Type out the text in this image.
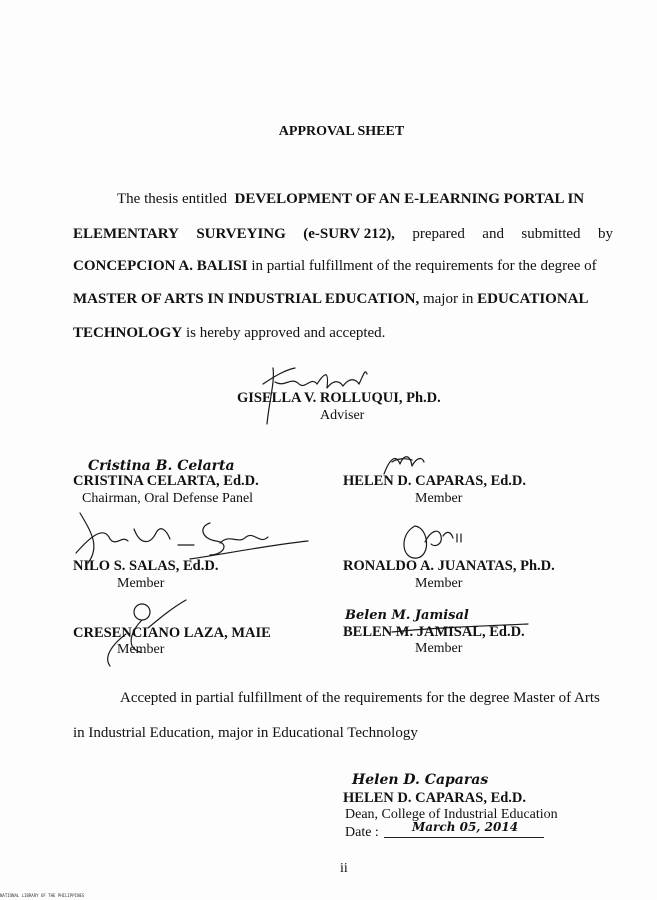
APPROVAL SHEET
The thesis entitled DEVELOPMENT OF AN E-LEARNING PORTAL IN
ELEMENTARY SURVEYING (e-SURV 212), prepared and submitted by
CONCEPCION A. BALISI in partial fulfillment of the requirements for the degree of
MASTER OF ARTS IN INDUSTRIAL EDUCATION, major in EDUCATIONAL
TECHNOLOGY is hereby approved and accepted.
GISELLA V. ROLLUQUI, Ph.D.
Adviser
Cristina B. Celarta
CRISTINA CELARTA, Ed.D.
Chairman, Oral Defense Panel
HELEN D. CAPARAS, Ed.D.
Member
NILO S. SALAS, Ed.D.
Member
RONALDO A. JUANATAS, Ph.D.
Member
CRESENCIANO LAZA, MAIE
Member
Belen M. Jamisal
BELEN M. JAMISAL, Ed.D.
Member
Accepted in partial fulfillment of the requirements for the degree Master of Arts
in Industrial Education, major in Educational Technology
Helen D. Caparas
HELEN D. CAPARAS, Ed.D.
Dean, College of Industrial Education
Date :	March 05, 2014
ii
NATIONAL LIBRARY OF THE PHILIPPINES
